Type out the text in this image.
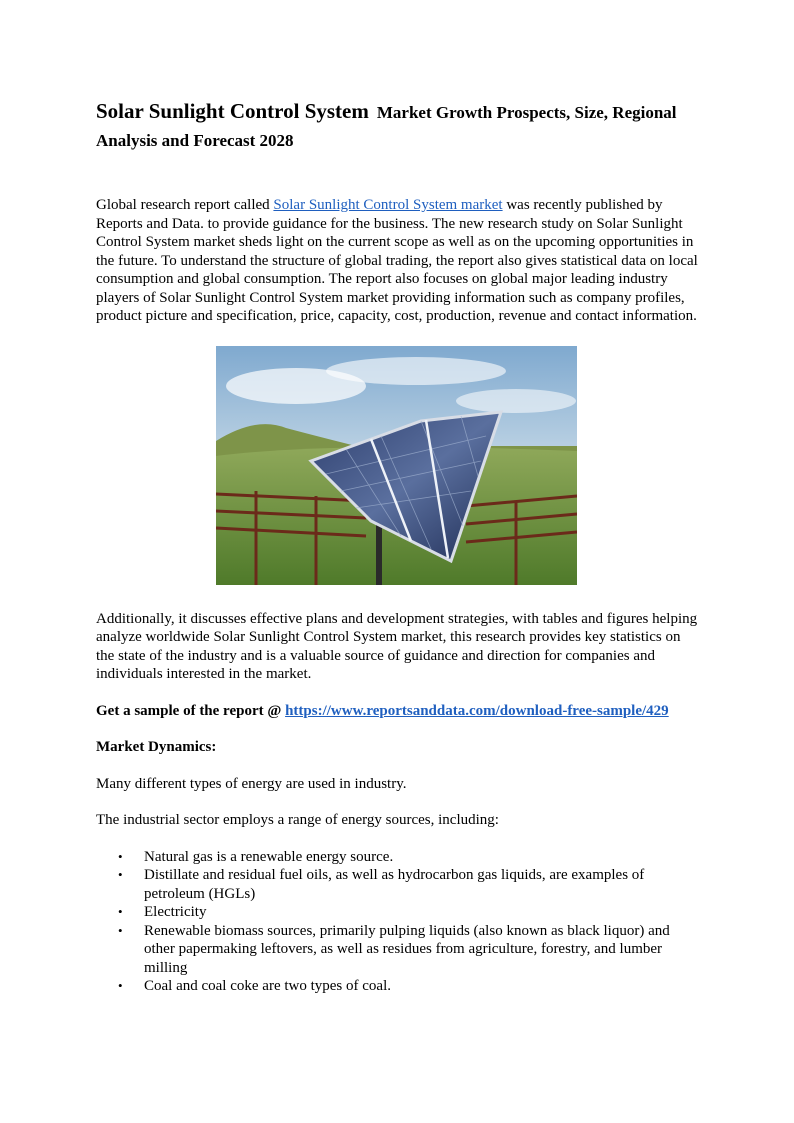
Solar Sunlight Control System Market Growth Prospects, Size, Regional Analysis and Forecast 2028

Global research report called Solar Sunlight Control System market was recently published by Reports and Data. to provide guidance for the business. The new research study on Solar Sunlight Control System market sheds light on the current scope as well as on the upcoming opportunities in the future. To understand the structure of global trading, the report also gives statistical data on local consumption and global consumption. The report also focuses on global major leading industry players of Solar Sunlight Control System market providing information such as company profiles, product picture and specification, price, capacity, cost, production, revenue and contact information.

Additionally, it discusses effective plans and development strategies, with tables and figures helping analyze worldwide Solar Sunlight Control System market, this research provides key statistics on the state of the industry and is a valuable source of guidance and direction for companies and individuals interested in the market.

Get a sample of the report @ https://www.reportsanddata.com/download-free-sample/429

Market Dynamics:

Many different types of energy are used in industry.

The industrial sector employs a range of energy sources, including:

• Natural gas is a renewable energy source.
• Distillate and residual fuel oils, as well as hydrocarbon gas liquids, are examples of petroleum (HGLs)
• Electricity
• Renewable biomass sources, primarily pulping liquids (also known as black liquor) and other papermaking leftovers, as well as residues from agriculture, forestry, and lumber milling
• Coal and coal coke are two types of coal.
